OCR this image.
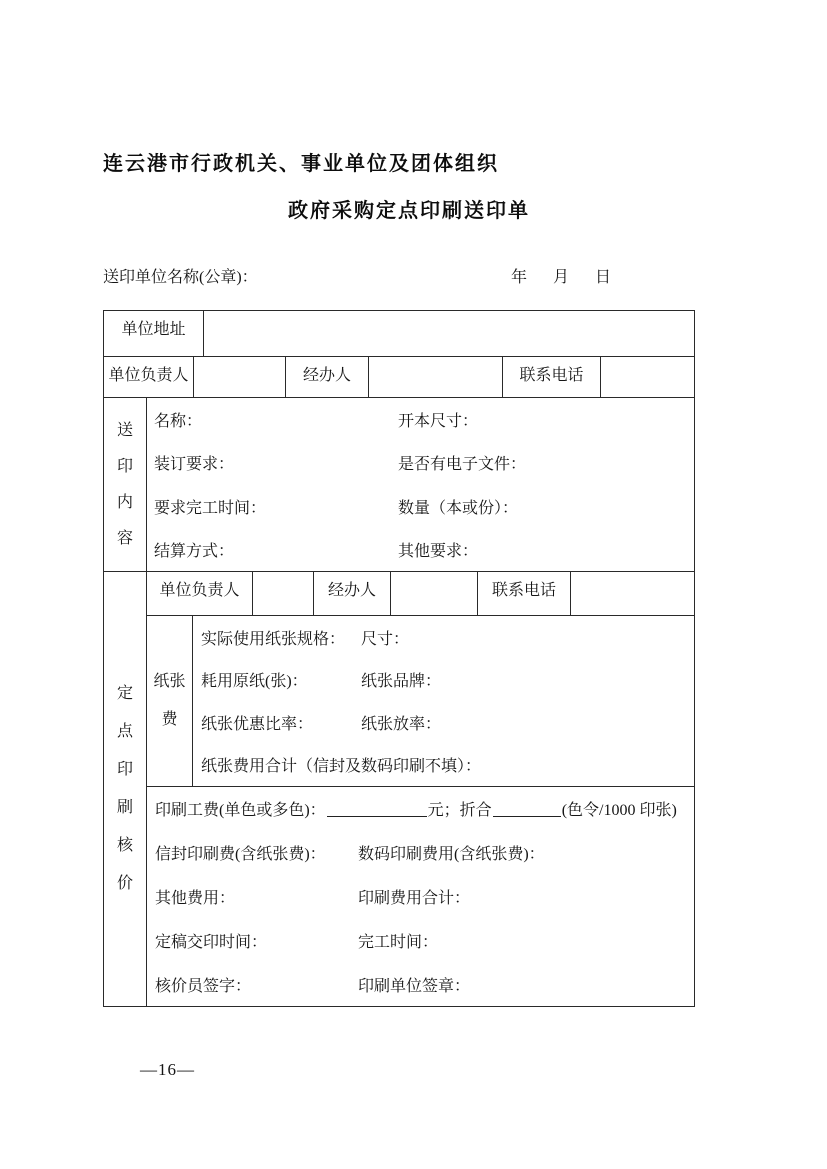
连云港市行政机关、事业单位及团体组织
政府采购定点印刷送印单
送印单位名称(公章)：	年 月 日
单位地址
单位负责人	经办人	联系电话
送
印
内
容
名称：	开本尺寸：
装订要求：	是否有电子文件：
要求完工时间：	数量（本或份）：
结算方式：	其他要求：
定
点
印
刷
核
价
单位负责人	经办人	联系电话
纸张
费
实际使用纸张规格： 尺寸：
耗用原纸(张)：	纸张品牌：
纸张优惠比率：	纸张放率：
纸张费用合计（信封及数码印刷不填）：
印刷工费(单色或多色)：	元；折合	(色令/1000 印张)
信封印刷费(含纸张费)： 数码印刷费用(含纸张费)：
其他费用：	印刷费用合计：
定稿交印时间：	完工时间：
核价员签字：	印刷单位签章：
—16—
